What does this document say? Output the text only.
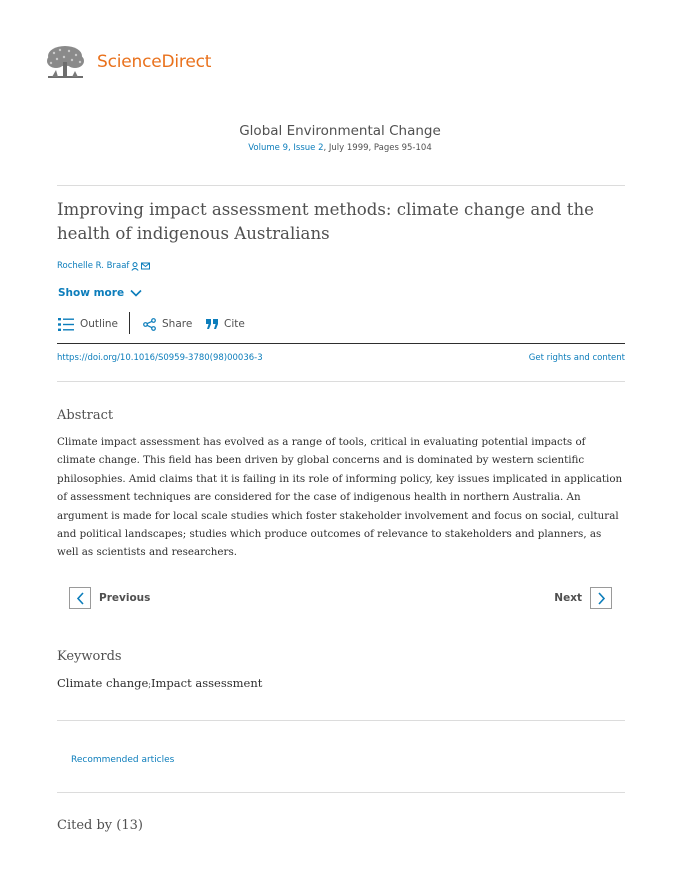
ScienceDirect
Global Environmental Change
Volume 9, Issue 2, July 1999, Pages 95-104
Improving impact assessment methods: climate change and the health of indigenous Australians
Rochelle R. Braaf
Show more
Outline	Share	Cite
https://doi.org/10.1016/S0959-3780(98)00036-3	Get rights and content
Abstract
Climate impact assessment has evolved as a range of tools, critical in evaluating potential impacts of climate change. This field has been driven by global concerns and is dominated by western scientific philosophies. Amid claims that it is failing in its role of informing policy, key issues implicated in application of assessment techniques are considered for the case of indigenous health in northern Australia. An argument is made for local scale studies which foster stakeholder involvement and focus on social, cultural and political landscapes; studies which produce outcomes of relevance to stakeholders and planners, as well as scientists and researchers.
Previous	Next
Keywords
Climate change;Impact assessment
Recommended articles
Cited by (13)
